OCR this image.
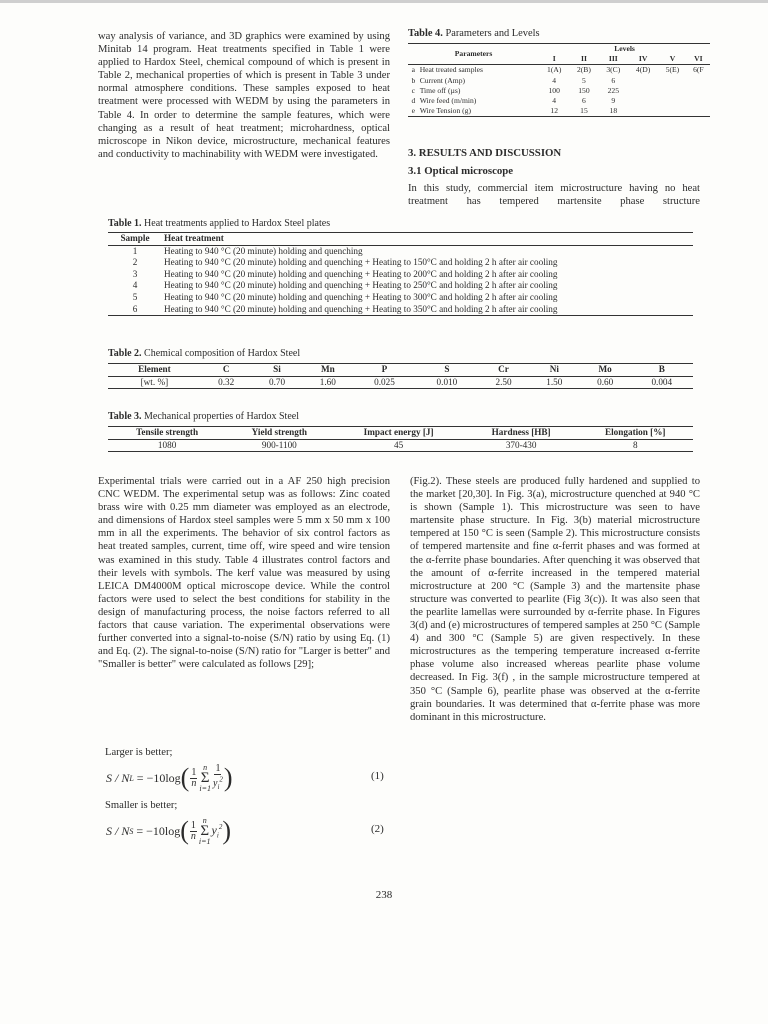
way analysis of variance, and 3D graphics were examined by using Minitab 14 program. Heat treatments specified in Table 1 were applied to Hardox Steel, chemical compound of which is present in Table 2, mechanical properties of which is present in Table 3 under normal atmosphere conditions. These samples exposed to heat treatment were processed with WEDM by using the parameters in Table 4. In order to determine the sample features, which were changing as a result of heat treatment; microhardness, optical microscope in Nikon device, microstructure, mechanical features and conductivity to machinability with WEDM were investigated.

Table 4. Parameters and Levels

Parameters		Levels					
		I	II	III	IV	V	VI
a	Heat treated samples	1(A)	2(B)	3(C)	4(D)	5(E)	6(F
b	Current (Amp)	4	5	6			
c	Time off (µs)	100	150	225			
d	Wire feed (m/min)	4	6	9			
e	Wire Tension (g)	12	15	18			

3. RESULTS AND DISCUSSION

3.1 Optical microscope

In this study, commercial item microstructure having no heat treatment has tempered martensite phase structure

Table 1. Heat treatments applied to Hardox Steel plates

Sample	Heat treatment
1	Heating to 940 °C (20 minute) holding and quenching
2	Heating to 940 °C (20 minute) holding and quenching + Heating to 150°C and holding 2 h after air cooling
3	Heating to 940 °C (20 minute) holding and quenching + Heating to 200°C and holding 2 h after air cooling
4	Heating to 940 °C (20 minute) holding and quenching + Heating to 250°C and holding 2 h after air cooling
5	Heating to 940 °C (20 minute) holding and quenching + Heating to 300°C and holding 2 h after air cooling
6	Heating to 940 °C (20 minute) holding and quenching + Heating to 350°C and holding 2 h after air cooling

Table 2. Chemical composition of Hardox Steel

Element	C	Si	Mn	P	S	Cr	Ni	Mo	B
[wt. %]	0.32	0.70	1.60	0.025	0.010	2.50	1.50	0.60	0.004

Table 3. Mechanical properties of Hardox Steel

Tensile strength	Yield strength	Impact energy [J]	Hardness [HB]	Elongation [%]
1080	900-1100	45	370-430	8

Experimental trials were carried out in a AF 250 high precision CNC WEDM. The experimental setup was as follows: Zinc coated brass wire with 0.25 mm diameter was employed as an electrode, and dimensions of Hardox steel samples were 5 mm x 50 mm x 100 mm in all the experiments. The behavior of six control factors as heat treated samples, current, time off, wire speed and wire tension was examined in this study. Table 4 illustrates control factors and their levels with symbols. The kerf value was measured by using LEICA DM4000M optical microscope device. While the control factors were used to select the best conditions for stability in the design of manufacturing process, the noise factors referred to all factors that cause variation. The experimental observations were further converted into a signal-to-noise (S/N) ratio by using Eq. (1) and Eq. (2). The signal-to-noise (S/N) ratio for "Larger is better" and "Smaller is better" were calculated as follows [29];

Larger is better;

S / N L = −10log ( $\frac{1}{n}$
n
Σ
$i=1 \frac{1}{y_i^2}$ )	(1)

Smaller is better;

S / N S = −10log ( $\frac{1}{n}$
n
Σ
i=1
$y_i^2$ )	(2)

(Fig.2). These steels are produced fully hardened and supplied to the market [20,30]. In Fig. 3(a), microstructure quenched at 940 °C is shown (Sample 1). This microstructure was seen to have martensite phase structure. In Fig. 3(b) material microstructure tempered at 150 °C is seen (Sample 2). This microstructure consists of tempered martensite and fine α-ferrit phases and was formed at the α-ferrite phase boundaries. After quenching it was observed that the amount of α-ferrite increased in the tempered material microstructure at 200 °C (Sample 3) and the martensite phase structure was converted to pearlite (Fig 3(c)). It was also seen that the pearlite lamellas were surrounded by α-ferrite phase. In Figures 3(d) and (e) microstructures of tempered samples at 250 °C (Sample 4) and 300 °C (Sample 5) are given respectively. In these microstructures as the tempering temperature increased α-ferrite phase volume also increased whereas pearlite phase volume decreased. In Fig. 3(f) , in the sample microstructure tempered at 350 °C (Sample 6), pearlite phase was observed at the α-ferrite grain boundaries. It was determined that α-ferrite phase was more dominant in this microstructure.

238
